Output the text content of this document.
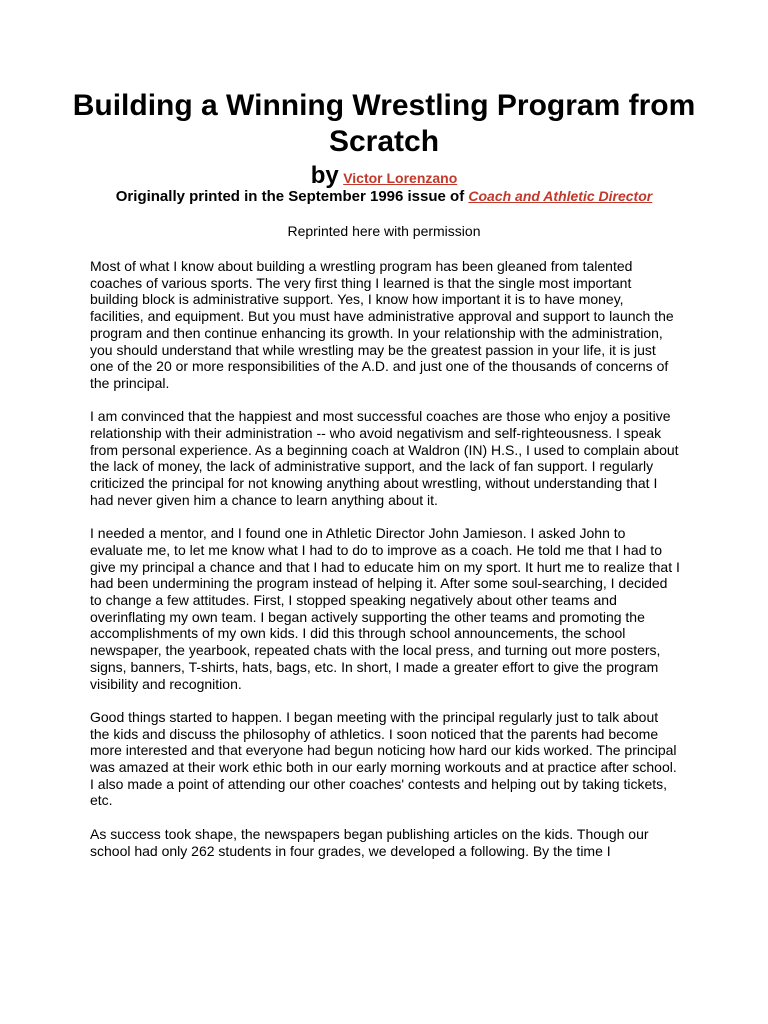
Building a Winning Wrestling Program from Scratch
by Victor Lorenzano
Originally printed in the September 1996 issue of Coach and Athletic Director
Reprinted here with permission

Most of what I know about building a wrestling program has been gleaned from talented coaches of various sports. The very first thing I learned is that the single most important building block is administrative support. Yes, I know how important it is to have money, facilities, and equipment. But you must have administrative approval and support to launch the program and then continue enhancing its growth. In your relationship with the administration, you should understand that while wrestling may be the greatest passion in your life, it is just one of the 20 or more responsibilities of the A.D. and just one of the thousands of concerns of the principal.

I am convinced that the happiest and most successful coaches are those who enjoy a positive relationship with their administration -- who avoid negativism and self-righteousness. I speak from personal experience. As a beginning coach at Waldron (IN) H.S., I used to complain about the lack of money, the lack of administrative support, and the lack of fan support. I regularly criticized the principal for not knowing anything about wrestling, without understanding that I had never given him a chance to learn anything about it.

I needed a mentor, and I found one in Athletic Director John Jamieson. I asked John to evaluate me, to let me know what I had to do to improve as a coach. He told me that I had to give my principal a chance and that I had to educate him on my sport. It hurt me to realize that I had been undermining the program instead of helping it. After some soul-searching, I decided to change a few attitudes. First, I stopped speaking negatively about other teams and overinflating my own team. I began actively supporting the other teams and promoting the accomplishments of my own kids. I did this through school announcements, the school newspaper, the yearbook, repeated chats with the local press, and turning out more posters, signs, banners, T-shirts, hats, bags, etc. In short, I made a greater effort to give the program visibility and recognition.

Good things started to happen. I began meeting with the principal regularly just to talk about the kids and discuss the philosophy of athletics. I soon noticed that the parents had become more interested and that everyone had begun noticing how hard our kids worked. The principal was amazed at their work ethic both in our early morning workouts and at practice after school. I also made a point of attending our other coaches' contests and helping out by taking tickets, etc.

As success took shape, the newspapers began publishing articles on the kids. Though our school had only 262 students in four grades, we developed a following. By the time I
